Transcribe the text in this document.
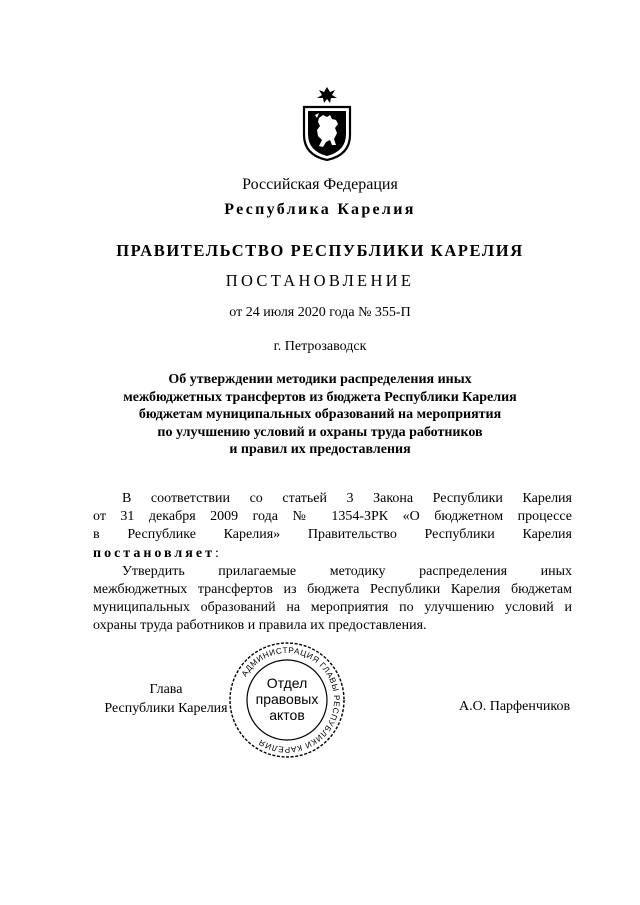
Российская Федерация
Республика Карелия
ПРАВИТЕЛЬСТВО РЕСПУБЛИКИ КАРЕЛИЯ
ПОСТАНОВЛЕНИЕ
от 24 июля 2020 года № 355-П
г. Петрозаводск
Об утверждении методики распределения иных
межбюджетных трансфертов из бюджета Республики Карелия
бюджетам муниципальных образований на мероприятия
по улучшению условий и охраны труда работников
и правил их предоставления
В соответствии со статьей 3 Закона Республики Карелия
от 31 декабря 2009 года № 1354-ЗРК «О бюджетном процессе
в Республике Карелия» Правительство Республики Карелия
постановляет:
Утвердить прилагаемые методику распределения иных
межбюджетных трансфертов из бюджета Республики Карелия бюджетам
муниципальных образований на мероприятия по улучшению условий и
охраны труда работников и правила их предоставления.
Глава
Республики Карелия
АДМИНИСТРАЦИЯ ГЛАВЫ РЕСПУБЛИКИ КАРЕЛИЯ
Отдел
правовых
актов
А.О. Парфенчиков
